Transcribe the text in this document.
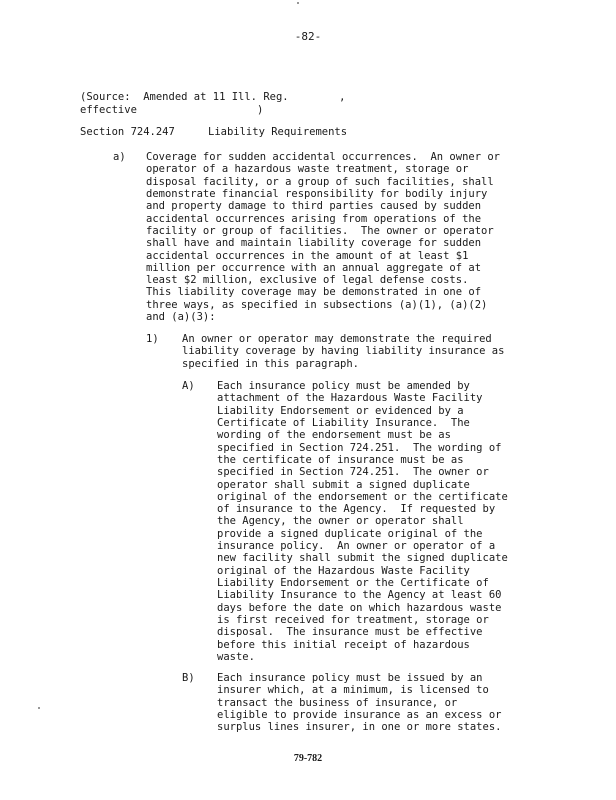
-82-
(Source:  Amended at 11 Ill. Reg.        ,
effective                   )
Section 724.247	Liability Requirements
a) Coverage for sudden accidental occurrences.  An owner or
operator of a hazardous waste treatment, storage or
disposal facility, or a group of such facilities, shall
demonstrate financial responsibility for bodily injury
and property damage to third parties caused by sudden
accidental occurrences arising from operations of the
facility or group of facilities.  The owner or operator
shall have and maintain liability coverage for sudden
accidental occurrences in the amount of at least $1
million per occurrence with an annual aggregate of at
least $2 million, exclusive of legal defense costs.
This liability coverage may be demonstrated in one of
three ways, as specified in subsections (a)(1), (a)(2)
and (a)(3):
1) An owner or operator may demonstrate the required
liability coverage by having liability insurance as
specified in this paragraph.
A) Each insurance policy must be amended by
attachment of the Hazardous Waste Facility
Liability Endorsement or evidenced by a
Certificate of Liability Insurance.  The
wording of the endorsement must be as
specified in Section 724.251.  The wording of
the certificate of insurance must be as
specified in Section 724.251.  The owner or
operator shall submit a signed duplicate
original of the endorsement or the certificate
of insurance to the Agency.  If requested by
the Agency, the owner or operator shall
provide a signed duplicate original of the
insurance policy.  An owner or operator of a
new facility shall submit the signed duplicate
original of the Hazardous Waste Facility
Liability Endorsement or the Certificate of
Liability Insurance to the Agency at least 60
days before the date on which hazardous waste
is first received for treatment, storage or
disposal.  The insurance must be effective
before this initial receipt of hazardous
waste.
B) Each insurance policy must be issued by an
insurer which, at a minimum, is licensed to
transact the business of insurance, or
eligible to provide insurance as an excess or
surplus lines insurer, in one or more states.
79-782
